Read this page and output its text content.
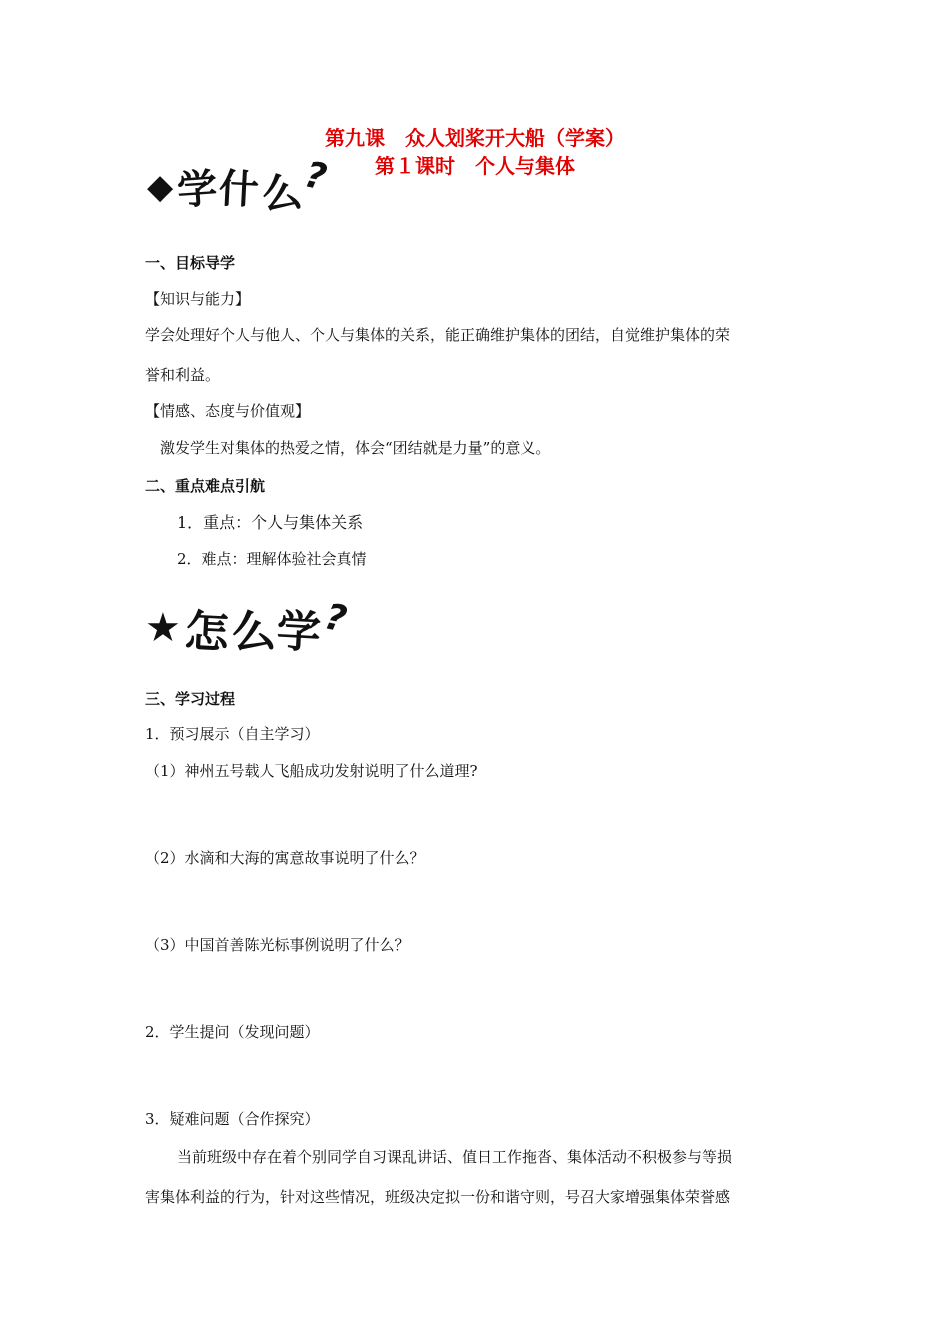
第九课　众人划桨开大船（学案）
第１课时　个人与集体
◆ 学
什
么
?
一、目标导学
【知识与能力】
学会处理好个人与他人、个人与集体的关系，能正确维护集体的团结，自觉维护集体的荣
誉和利益。
【情感、态度与价值观】
激发学生对集体的热爱之情，体会“团结就是力量”的意义。
二、重点难点引航
1．重点：个人与集体关系
2．难点：理解体验社会真情
★ 怎
么
学
?
三、学习过程
1．预习展示（自主学习）
（1）神州五号载人飞船成功发射说明了什么道理?
（2）水滴和大海的寓意故事说明了什么？
（3）中国首善陈光标事例说明了什么？
2．学生提问（发现问题）
3．疑难问题（合作探究）
当前班级中存在着个别同学自习课乱讲话、值日工作拖沓、集体活动不积极参与等损
害集体利益的行为，针对这些情况，班级决定拟一份和谐守则，号召大家增强集体荣誉感
